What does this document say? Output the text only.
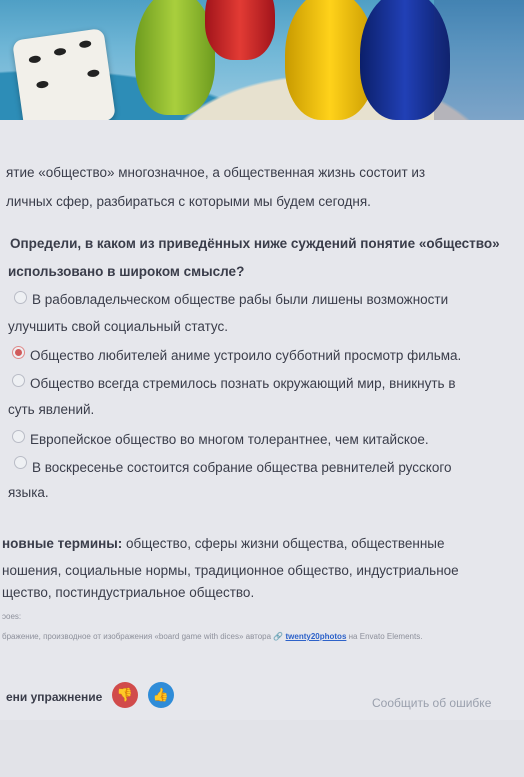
ятие «общество» многозначное, а общественная жизнь состоит из
личных сфер, разбираться с которыми мы будем сегодня.
Определи, в каком из приведённых ниже суждений понятие «общество»
использовано в широком смысле?
В рабовладельческом обществе рабы были лишены возможности
улучшить свой социальный статус.
Общество любителей аниме устроило субботний просмотр фильма.
Общество всегда стремилось познать окружающий мир, вникнуть в
суть явлений.
Европейское общество во многом толерантнее, чем китайское.
В воскресенье состоится собрание общества ревнителей русского
языка.
новные термины: общество, сферы жизни общества, общественные
ношения, социальные нормы, традиционное общество, индустриальное
щество, постиндустриальное общество.
ↄоеs:
бражение, производное от изображения «board game with dices» автора 🔗 twenty20photos на Envato Elements.
ени упражнение	👎	👍
Сообщить об ошибке
